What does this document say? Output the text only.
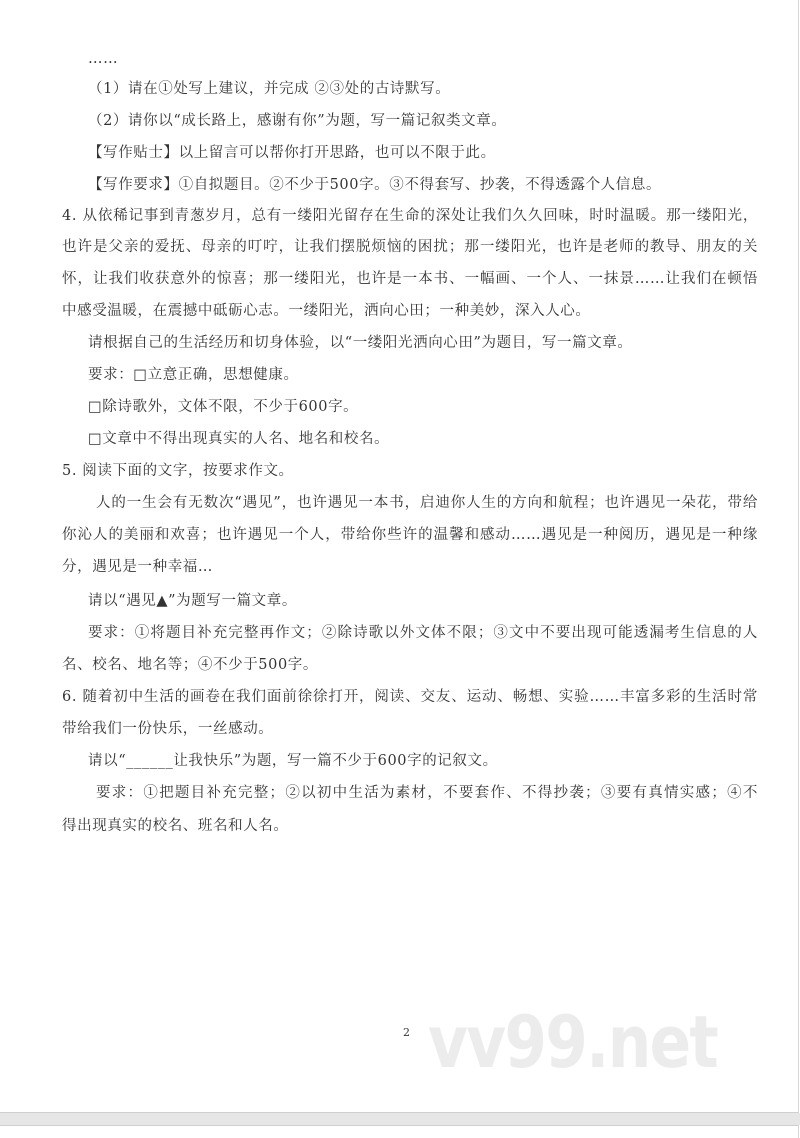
……
（1）请在①处写上建议，并完成 ②③处的古诗默写。
（2）请你以“成长路上，感谢有你”为题，写一篇记叙类文章。
【写作贴士】以上留言可以帮你打开思路，也可以不限于此。
【写作要求】①自拟题目。②不少于500字。③不得套写、抄袭，不得透露个人信息。
4. 从依稀记事到青葱岁月，总有一缕阳光留存在生命的深处让我们久久回味，时时温暖。那一缕阳光，
也许是父亲的爱抚、母亲的叮咛，让我们摆脱烦恼的困扰；那一缕阳光，也许是老师的教导、朋友的关
怀，让我们收获意外的惊喜；那一缕阳光，也许是一本书、一幅画、一个人、一抹景……让我们在顿悟
中感受温暖，在震撼中砥砺心志。一缕阳光，洒向心田；一种美妙，深入人心。
请根据自己的生活经历和切身体验，以“一缕阳光洒向心田”为题目，写一篇文章。
要求：□立意正确，思想健康。
□除诗歌外，文体不限，不少于600字。
□文章中不得出现真实的人名、地名和校名。
5. 阅读下面的文字，按要求作文。
人的一生会有无数次“遇见”，也许遇见一本书，启迪你人生的方向和航程；也许遇见一朵花，带给
你沁人的美丽和欢喜；也许遇见一个人，带给你些许的温馨和感动……遇见是一种阅历，遇见是一种缘
分，遇见是一种幸福…
请以“遇见▲”为题写一篇文章。
要求：①将题目补充完整再作文；②除诗歌以外文体不限；③文中不要出现可能透漏考生信息的人
名、校名、地名等；④不少于500字。
6. 随着初中生活的画卷在我们面前徐徐打开，阅读、交友、运动、畅想、实验……丰富多彩的生活时常
带给我们一份快乐，一丝感动。
请以“______让我快乐”为题，写一篇不少于600字的记叙文。
要求：①把题目补充完整；②以初中生活为素材，不要套作、不得抄袭；③要有真情实感；④不
得出现真实的校名、班名和人名。
vv99.net
2
